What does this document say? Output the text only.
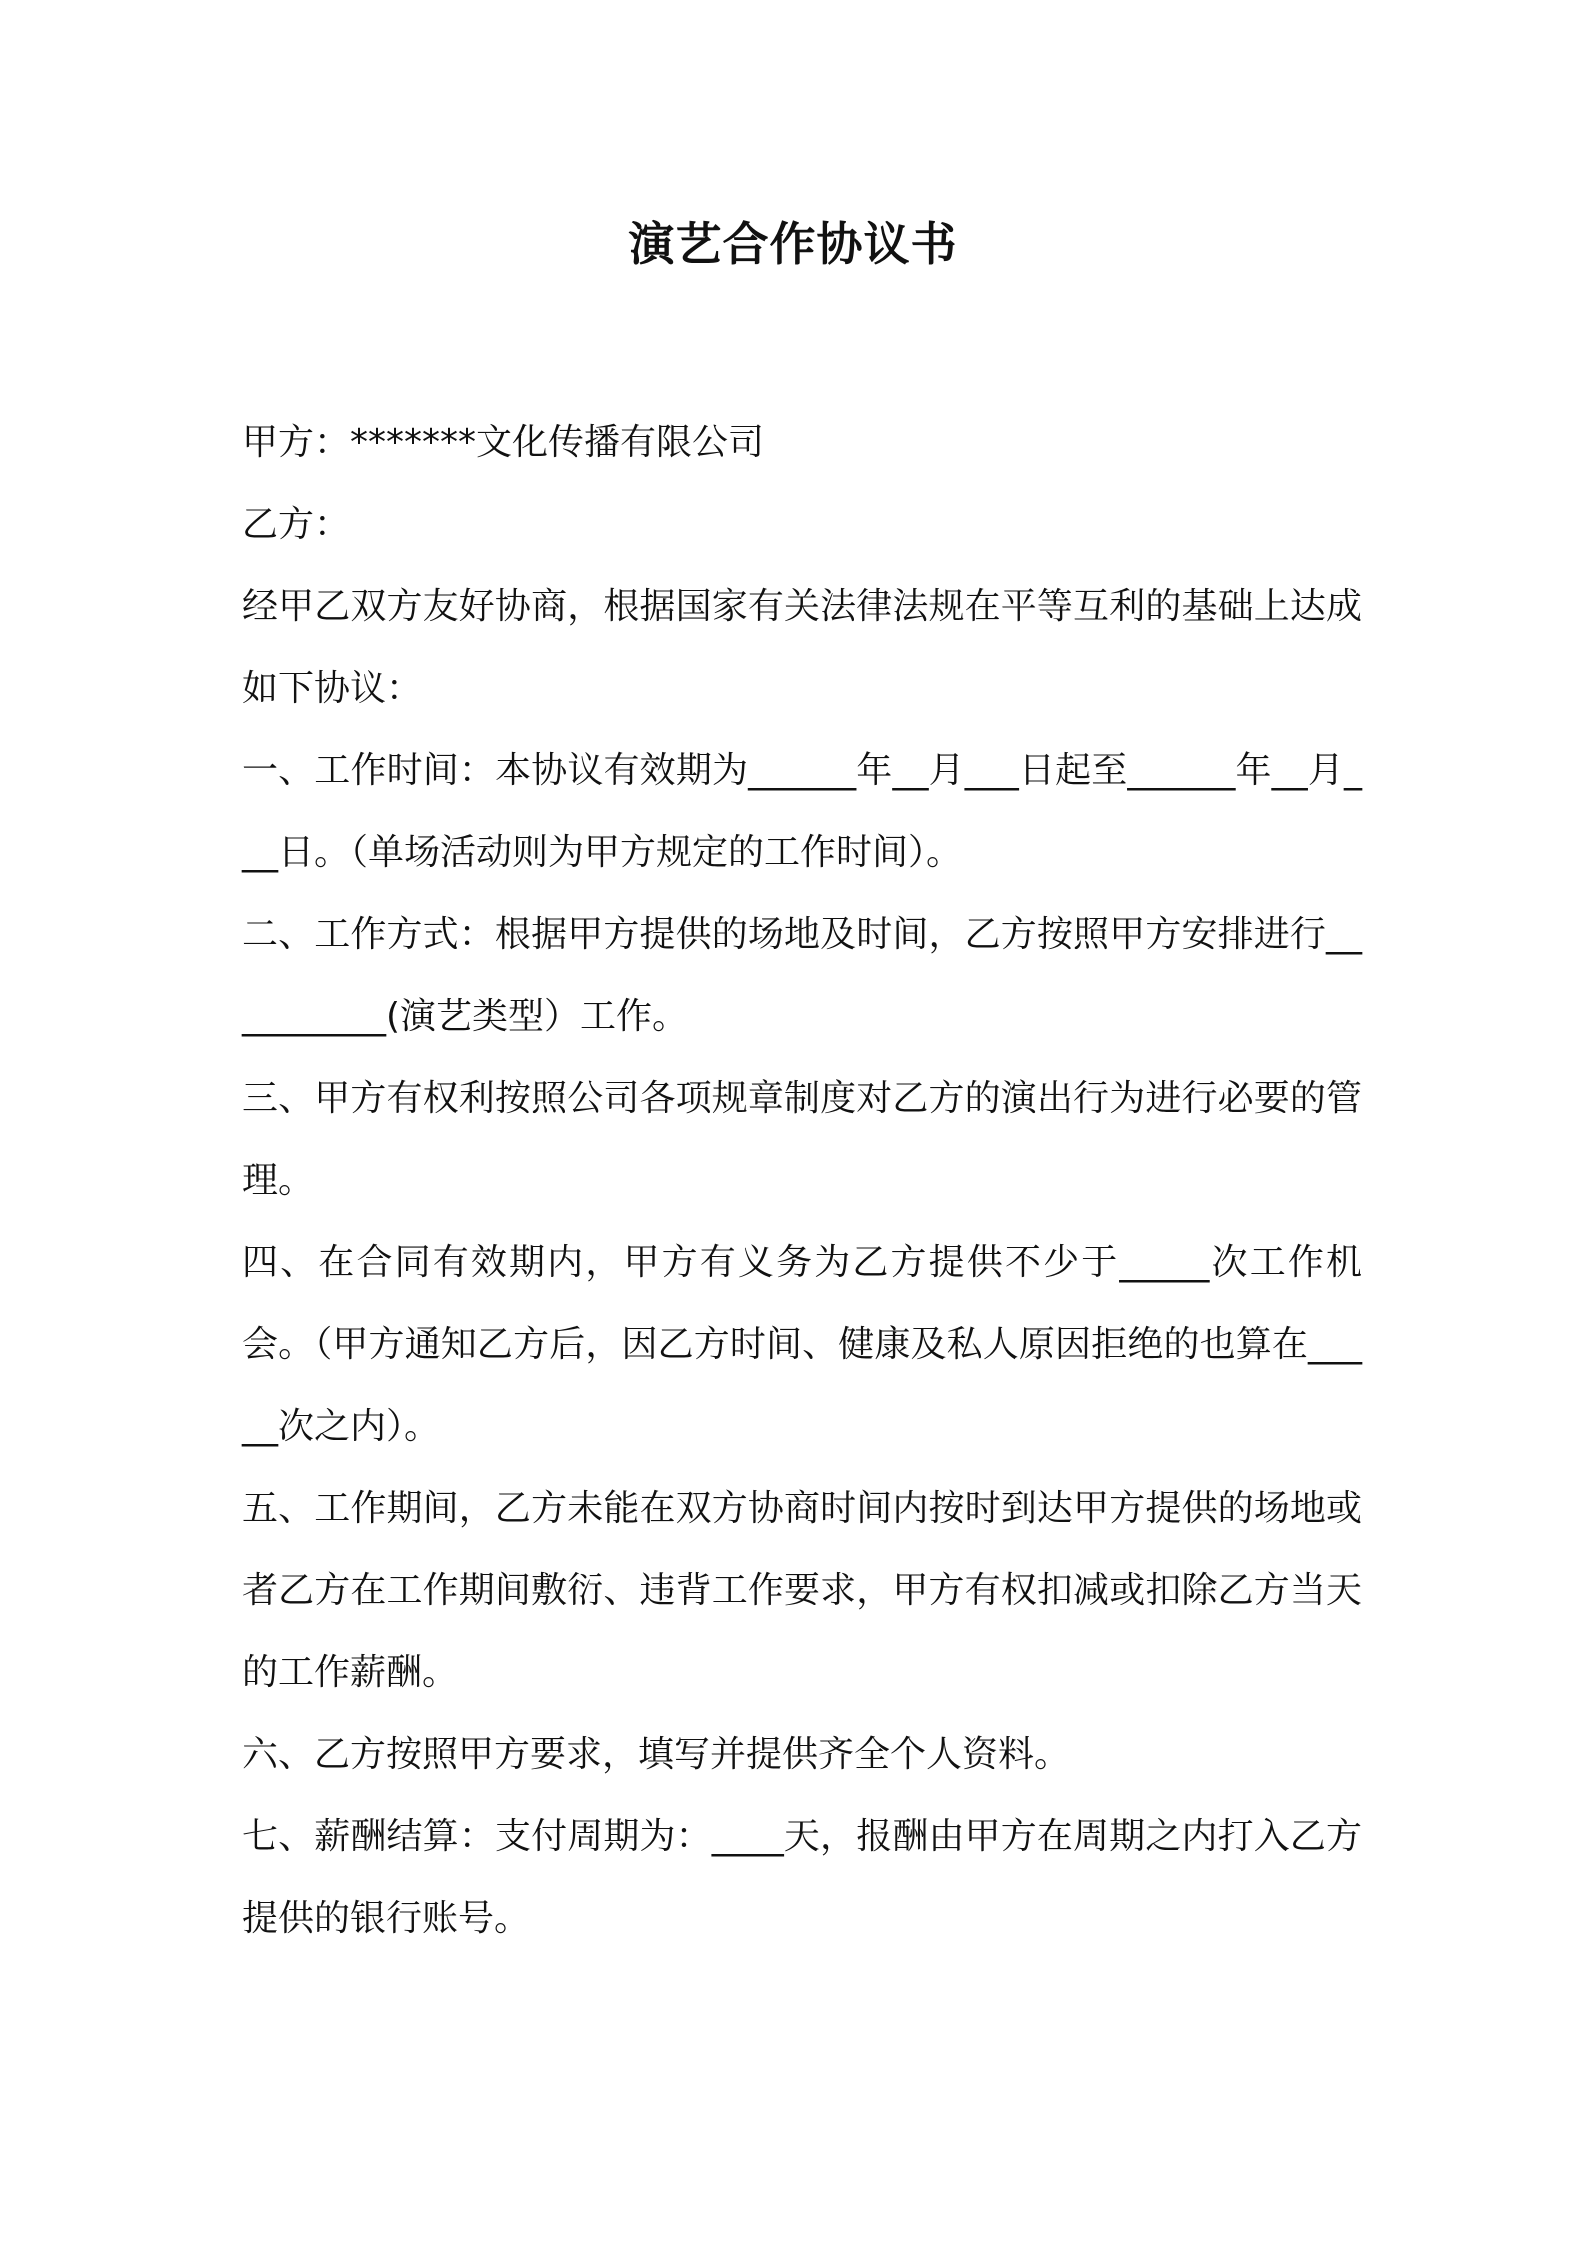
演艺合作协议书

甲方：*******文化传播有限公司

乙方：

经甲乙双方友好协商，根据国家有关法律法规在平等互利的基础上达成如下协议：

一、工作时间：本协议有效期为______年__月___日起至______年__月___日。（单场活动则为甲方规定的工作时间）。

二、工作方式：根据甲方提供的场地及时间，乙方按照甲方安排进行__________(演艺类型）工作。

三、甲方有权利按照公司各项规章制度对乙方的演出行为进行必要的管理。

四、在合同有效期内，甲方有义务为乙方提供不少于_____次工作机会。（甲方通知乙方后，因乙方时间、健康及私人原因拒绝的也算在_____次之内）。

五、工作期间，乙方未能在双方协商时间内按时到达甲方提供的场地或者乙方在工作期间敷衍、违背工作要求，甲方有权扣减或扣除乙方当天的工作薪酬。

六、乙方按照甲方要求，填写并提供齐全个人资料。

七、薪酬结算：支付周期为：____天，报酬由甲方在周期之内打入乙方提供的银行账号。
